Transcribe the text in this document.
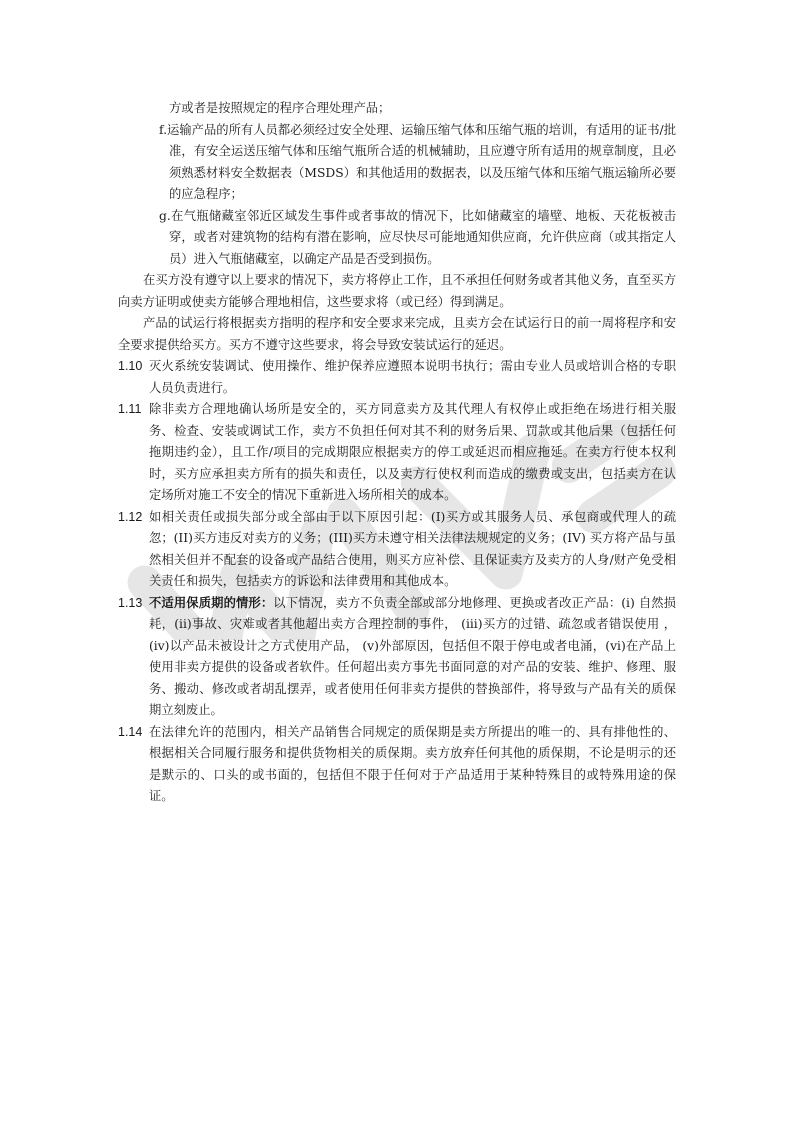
方或者是按照规定的程序合理处理产品；
f.运输产品的所有人员都必须经过安全处理、运输压缩气体和压缩气瓶的培训，有适用的证书/批准，有安全运送压缩气体和压缩气瓶所合适的机械辅助，且应遵守所有适用的规章制度，且必须熟悉材料安全数据表（MSDS）和其他适用的数据表，以及压缩气体和压缩气瓶运输所必要的应急程序；
g.在气瓶储藏室邻近区域发生事件或者事故的情况下，比如储藏室的墙壁、地板、天花板被击穿，或者对建筑物的结构有潜在影响，应尽快尽可能地通知供应商，允许供应商（或其指定人员）进入气瓶储藏室，以确定产品是否受到损伤。
在买方没有遵守以上要求的情况下，卖方将停止工作，且不承担任何财务或者其他义务，直至买方向卖方证明或使卖方能够合理地相信，这些要求将（或已经）得到满足。
产品的试运行将根据卖方指明的程序和安全要求来完成，且卖方会在试运行日的前一周将程序和安全要求提供给买方。买方不遵守这些要求，将会导致安装试运行的延迟。
1.10 灭火系统安装调试、使用操作、维护保养应遵照本说明书执行；需由专业人员或培训合格的专职人员负责进行。
1.11 除非卖方合理地确认场所是安全的，买方同意卖方及其代理人有权停止或拒绝在场进行相关服务、检查、安装或调试工作，卖方不负担任何对其不利的财务后果、罚款或其他后果（包括任何拖期违约金），且工作/项目的完成期限应根据卖方的停工或延迟而相应拖延。在卖方行使本权利时，买方应承担卖方所有的损失和责任，以及卖方行使权利而造成的缴费或支出，包括卖方在认定场所对施工不安全的情况下重新进入场所相关的成本。
1.12 如相关责任或损失部分或全部由于以下原因引起：(I)买方或其服务人员、承包商或代理人的疏忽；(II)买方违反对卖方的义务；(III)买方未遵守相关法律法规规定的义务；(IV) 买方将产品与虽然相关但并不配套的设备或产品结合使用，则买方应补偿、且保证卖方及卖方的人身/财产免受相关责任和损失，包括卖方的诉讼和法律费用和其他成本。
1.13 不适用保质期的情形：以下情况，卖方不负责全部或部分地修理、更换或者改正产品：(i) 自然损耗，(ii)事故、灾难或者其他超出卖方合理控制的事件， (iii)买方的过错、疏忽或者错误使用 ，(iv)以产品未被设计之方式使用产品， (v)外部原因，包括但不限于停电或者电涌，(vi)在产品上使用非卖方提供的设备或者软件。任何超出卖方事先书面同意的对产品的安装、维护、修理、服务、搬动、修改或者胡乱摆弄，或者使用任何非卖方提供的替换部件，将导致与产品有关的质保期立刻废止。
1.14 在法律允许的范围内，相关产品销售合同规定的质保期是卖方所提出的唯一的、具有排他性的、根据相关合同履行服务和提供货物相关的质保期。卖方放弃任何其他的质保期，不论是明示的还是默示的、口头的或书面的，包括但不限于任何对于产品适用于某种特殊目的或特殊用途的保证。
